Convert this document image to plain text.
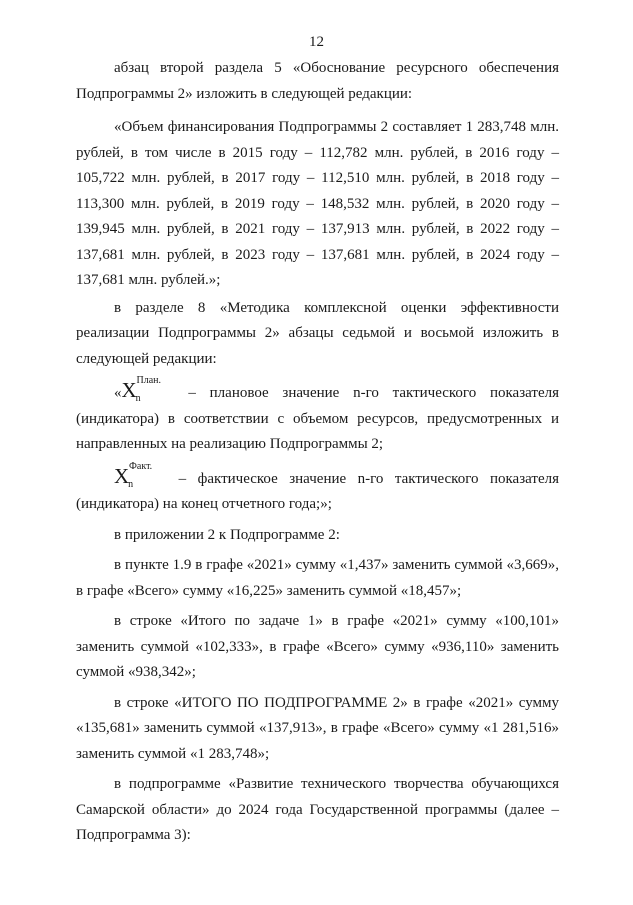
12

абзац второй раздела 5 «Обоснование ресурсного обеспечения Подпрограммы 2» изложить в следующей редакции:

«Объем финансирования Подпрограммы 2 составляет 1 283,748 млн. рублей, в том числе в 2015 году – 112,782 млн. рублей, в 2016 году – 105,722 млн. рублей, в 2017 году – 112,510 млн. рублей, в 2018 году – 113,300 млн. рублей, в 2019 году – 148,532 млн. рублей, в 2020 году – 139,945 млн. рублей, в 2021 году – 137,913 млн. рублей, в 2022 году – 137,681 млн. рублей, в 2023 году – 137,681 млн. рублей, в 2024 году – 137,681 млн. рублей.»;

в разделе 8 «Методика комплексной оценки эффективности реализации Подпрограммы 2» абзацы седьмой и восьмой изложить в следующей редакции:

«Xn
План.
– плановое значение n-го тактического показателя (индикатора) в соответствии с объемом ресурсов, предусмотренных и направленных на реализацию Подпрограммы 2;

Xn
Факт.
– фактическое значение n-го тактического показателя (индикатора) на конец отчетного года;»;

в приложении 2 к Подпрограмме 2:

в пункте 1.9 в графе «2021» сумму «1,437» заменить суммой «3,669», в графе «Всего» сумму «16,225» заменить суммой «18,457»;

в строке «Итого по задаче 1» в графе «2021» сумму «100,101» заменить суммой «102,333», в графе «Всего» сумму «936,110» заменить суммой «938,342»;

в строке «ИТОГО ПО ПОДПРОГРАММЕ 2» в графе «2021» сумму «135,681» заменить суммой «137,913», в графе «Всего» сумму «1 281,516» заменить суммой «1 283,748»;

в подпрограмме «Развитие технического творчества обучающихся Самарской области» до 2024 года Государственной программы (далее – Подпрограмма 3):
